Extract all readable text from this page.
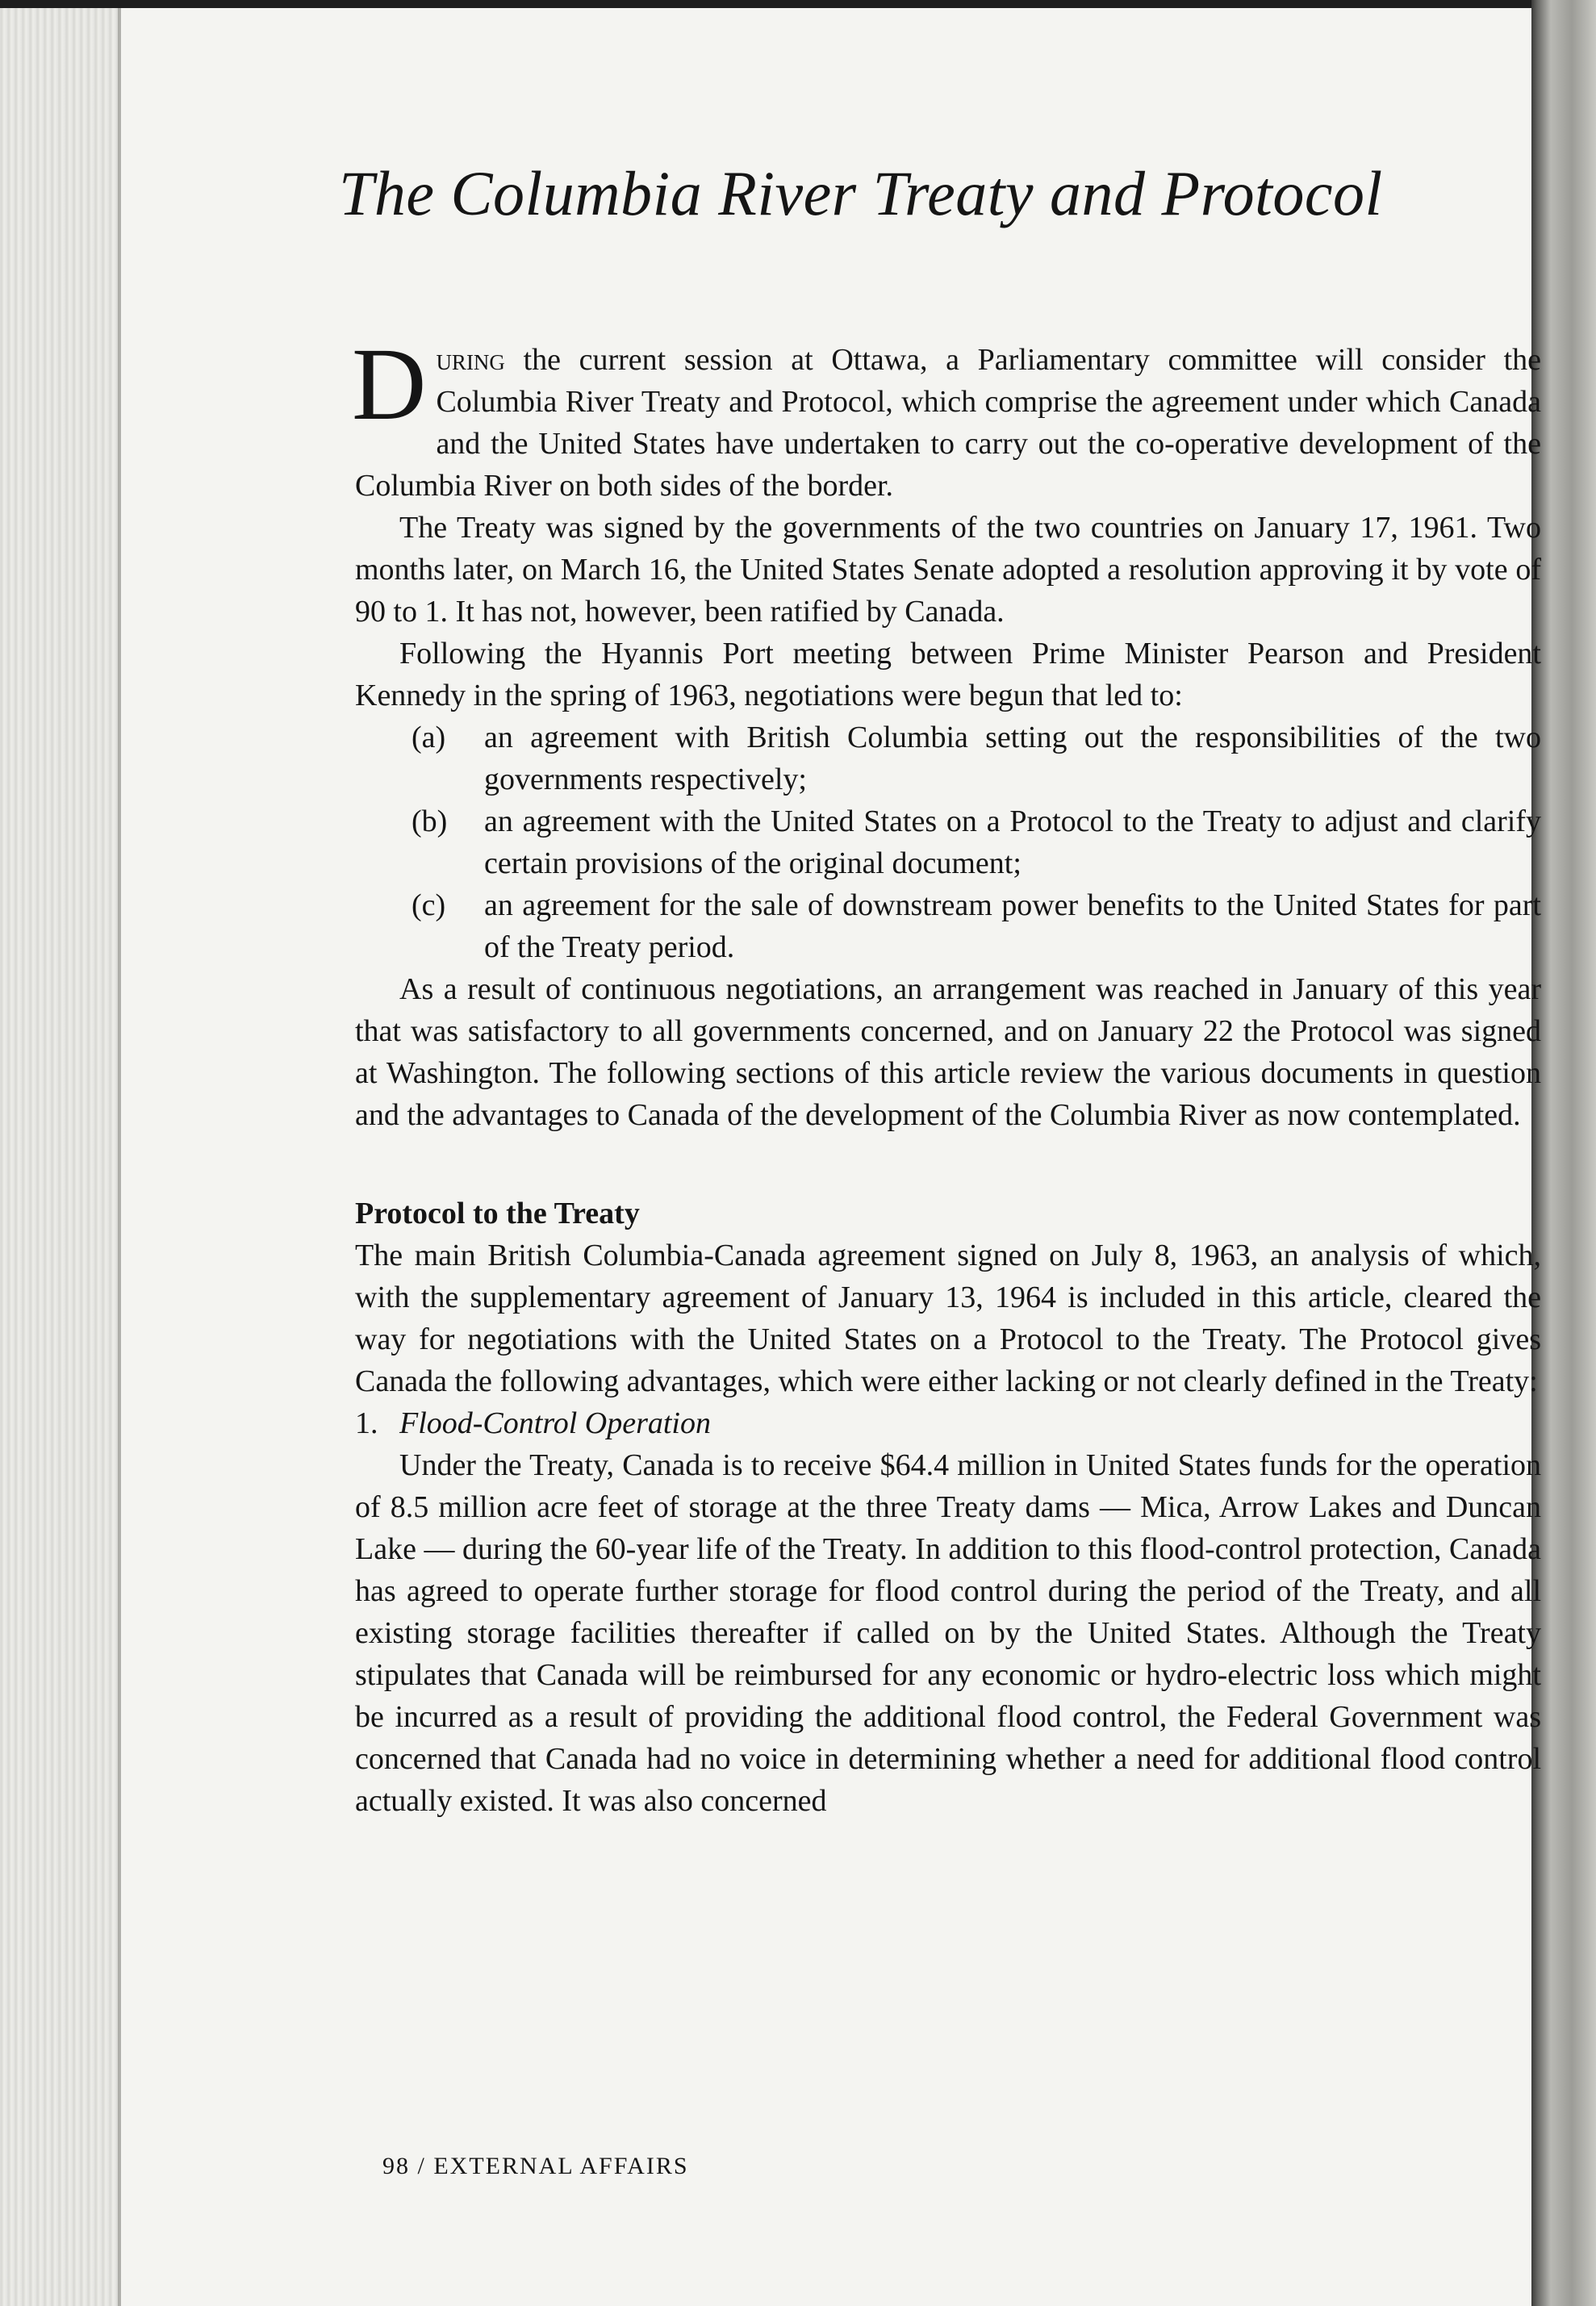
The Columbia River Treaty and Protocol

During the current session at Ottawa, a Parliamentary committee will consider the Columbia River Treaty and Protocol, which comprise the agreement under which Canada and the United States have undertaken to carry out the co-operative development of the Columbia River on both sides of the border.

The Treaty was signed by the governments of the two countries on January 17, 1961. Two months later, on March 16, the United States Senate adopted a resolution approving it by vote of 90 to 1. It has not, however, been ratified by Canada.

Following the Hyannis Port meeting between Prime Minister Pearson and President Kennedy in the spring of 1963, negotiations were begun that led to:

(a) an agreement with British Columbia setting out the responsibilities of the two governments respectively;
(b) an agreement with the United States on a Protocol to the Treaty to adjust and clarify certain provisions of the original document;
(c) an agreement for the sale of downstream power benefits to the United States for part of the Treaty period.

As a result of continuous negotiations, an arrangement was reached in January of this year that was satisfactory to all governments concerned, and on January 22 the Protocol was signed at Washington. The following sections of this article review the various documents in question and the advantages to Canada of the development of the Columbia River as now contemplated.

Protocol to the Treaty

The main British Columbia-Canada agreement signed on July 8, 1963, an analysis of which, with the supplementary agreement of January 13, 1964 is included in this article, cleared the way for negotiations with the United States on a Protocol to the Treaty. The Protocol gives Canada the following advantages, which were either lacking or not clearly defined in the Treaty:

1. Flood-Control Operation

Under the Treaty, Canada is to receive $64.4 million in United States funds for the operation of 8.5 million acre feet of storage at the three Treaty dams — Mica, Arrow Lakes and Duncan Lake — during the 60-year life of the Treaty. In addition to this flood-control protection, Canada has agreed to operate further storage for flood control during the period of the Treaty, and all existing storage facilities thereafter if called on by the United States. Although the Treaty stipulates that Canada will be reimbursed for any economic or hydro-electric loss which might be incurred as a result of providing the additional flood control, the Federal Government was concerned that Canada had no voice in determining whether a need for additional flood control actually existed. It was also concerned

98 / EXTERNAL AFFAIRS
